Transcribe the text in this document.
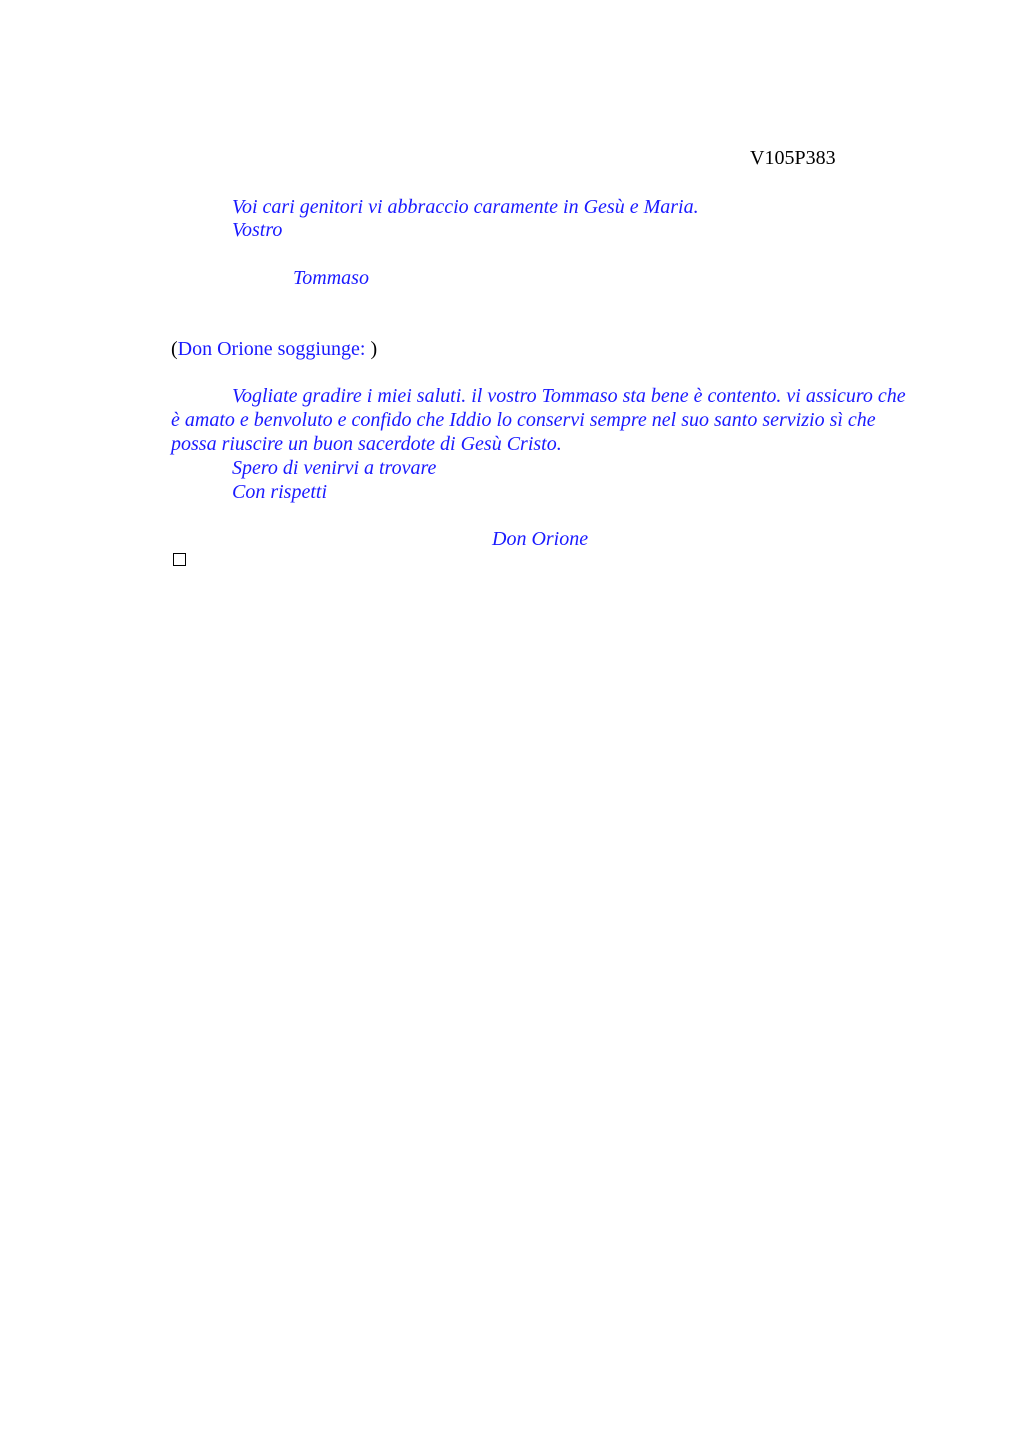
V105P383
Voi cari genitori vi abbraccio caramente in Gesù e Maria.
Vostro
Tommaso
(Don Orione soggiunge: )
Vogliate gradire i miei saluti. il vostro Tommaso sta bene è contento. vi assicuro che è amato e benvoluto e confido che Iddio lo conservi sempre nel suo santo servizio sì che possa riuscire un buon sacerdote di Gesù Cristo.
Spero di venirvi a trovare
Con rispetti
Don Orione
